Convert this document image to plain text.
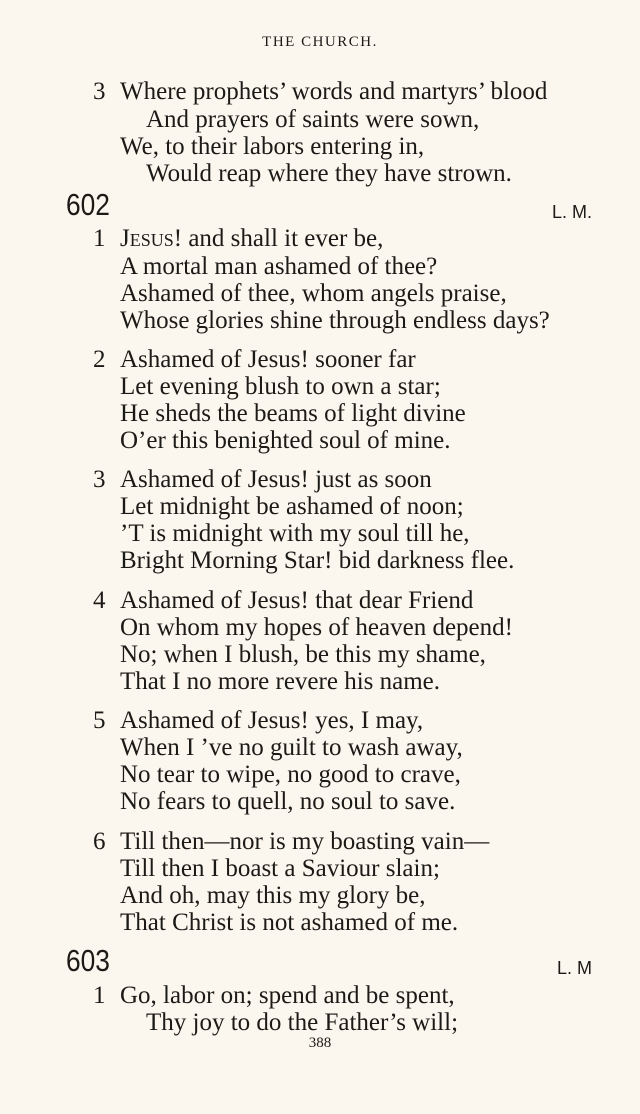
THE CHURCH.
3 Where prophets’ words and martyrs’ blood
And prayers of saints were sown,
We, to their labors entering in,
Would reap where they have strown.
602	L. M.
1 Jesus! and shall it ever be,
A mortal man ashamed of thee?
Ashamed of thee, whom angels praise,
Whose glories shine through endless days?
2 Ashamed of Jesus! sooner far
Let evening blush to own a star;
He sheds the beams of light divine
O’er this benighted soul of mine.
3 Ashamed of Jesus! just as soon
Let midnight be ashamed of noon;
’T is midnight with my soul till he,
Bright Morning Star! bid darkness flee.
4 Ashamed of Jesus! that dear Friend
On whom my hopes of heaven depend!
No; when I blush, be this my shame,
That I no more revere his name.
5 Ashamed of Jesus! yes, I may,
When I ’ve no guilt to wash away,
No tear to wipe, no good to crave,
No fears to quell, no soul to save.
6 Till then—nor is my boasting vain—
Till then I boast a Saviour slain;
And oh, may this my glory be,
That Christ is not ashamed of me.
603	L. M
1 Go, labor on; spend and be spent,
Thy joy to do the Father’s will;
388
